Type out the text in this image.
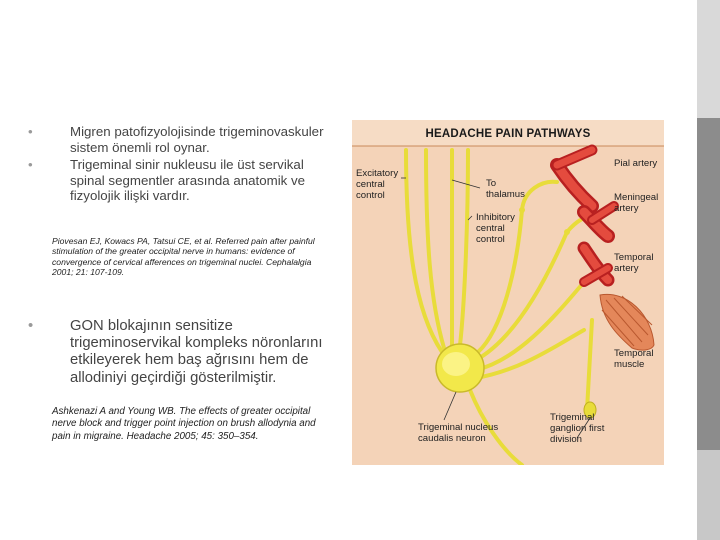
•	Migren patofizyolojisinde trigeminovaskuler sistem önemli rol oynar.
•	Trigeminal sinir nukleusu ile üst servikal spinal segmentler arasında anatomik ve fizyolojik ilişki vardır.
Piovesan EJ, Kowacs PA, Tatsui CE, et al. Referred pain after painful stimulation of the greater occipital nerve in humans: evidence of convergence of cervical afferences on trigeminal nuclei. Cephalalgia 2001; 21: 107-109.
• GON blokajının sensitize trigeminoservikal kompleks nöronlarını etkileyerek hem baş ağrısını hem de allodiniyi geçirdiği gösterilmiştir.
Ashkenazi A and Young WB. The effects of greater occipital nerve block and trigger point injection on brush allodynia and pain in migraine. Headache 2005; 45: 350–354.
HEADACHE PAIN PATHWAYS
Excitatory central control
To thalamus
Inhibitory central control
Pial artery
Meningeal artery
Temporal artery
Temporal muscle
Trigeminal nucleus caudalis neuron
Trigeminal ganglion first division
